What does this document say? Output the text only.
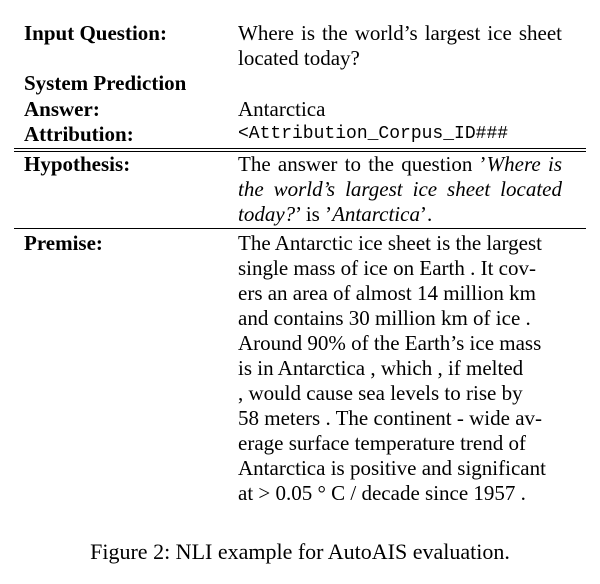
Input Question:	Where is the world’s largest ice sheet located today?
System Prediction
Answer:	Antarctica
Attribution:	<Attribution_Corpus_ID###
Hypothesis:	The answer to the question ’Where is the world’s largest ice sheet located today?’ is ’Antarctica’.
Premise:	The Antarctic ice sheet is the largest
single mass of ice on Earth . It cov-
ers an area of almost 14 million km
and contains 30 million km of ice .
Around 90% of the Earth’s ice mass
is in Antarctica , which , if melted
, would cause sea levels to rise by
58 meters . The continent - wide av-
erage surface temperature trend of
Antarctica is positive and significant
at > 0.05 ° C / decade since 1957 .
Figure 2: NLI example for AutoAIS evaluation.
